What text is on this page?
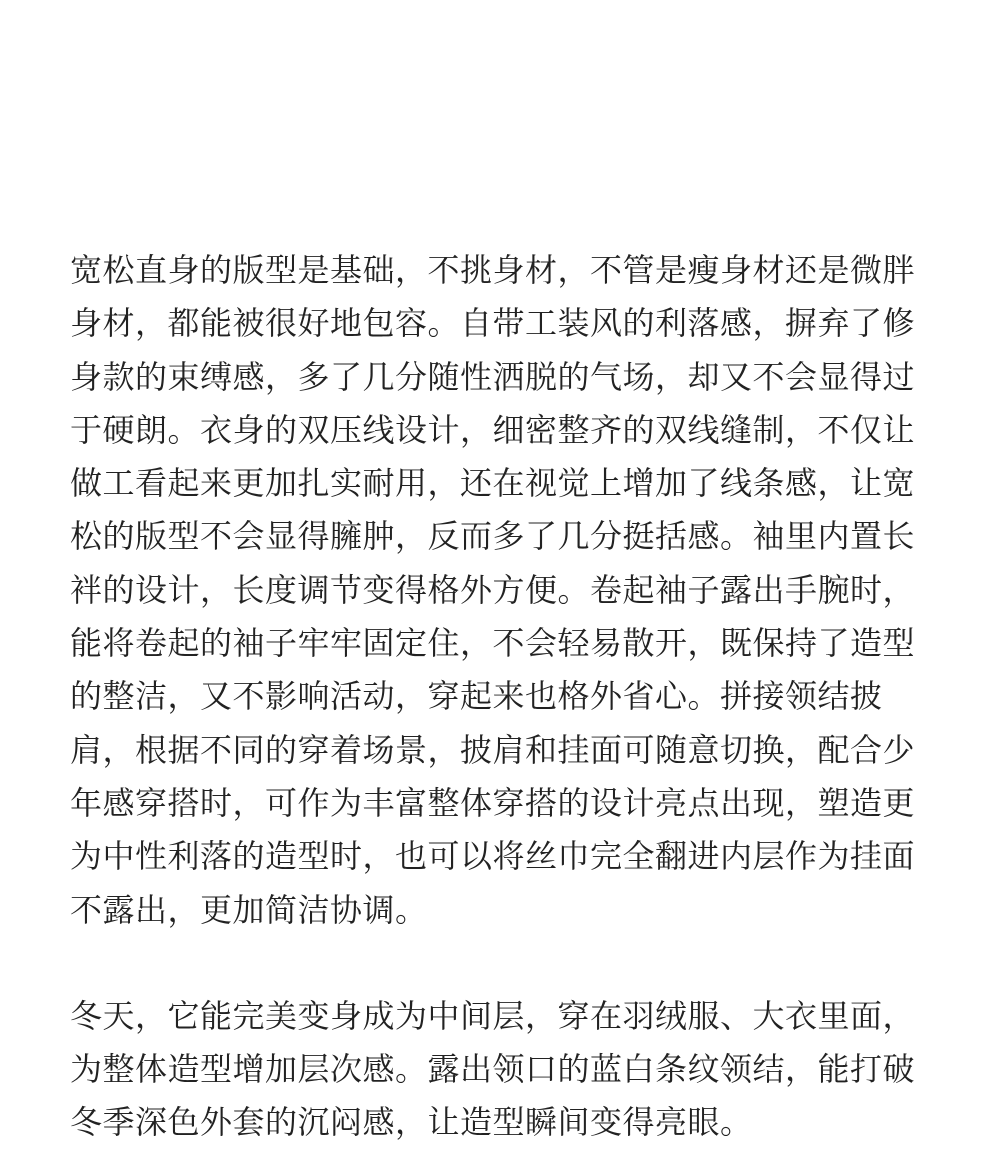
宽松直身的版型是基础，不挑身材，不管是瘦身材还是微胖身材，都能被很好地包容。自带工装风的利落感，摒弃了修身款的束缚感，多了几分随性洒脱的气场，却又不会显得过于硬朗。衣身的双压线设计，细密整齐的双线缝制，不仅让做工看起来更加扎实耐用，还在视觉上增加了线条感，让宽松的版型不会显得臃肿，反而多了几分挺括感。袖里内置长袢的设计，长度调节变得格外方便。卷起袖子露出手腕时，能将卷起的袖子牢牢固定住，不会轻易散开，既保持了造型的整洁，又不影响活动，穿起来也格外省心。拼接领结披肩，根据不同的穿着场景，披肩和挂面可随意切换，配合少年感穿搭时，可作为丰富整体穿搭的设计亮点出现，塑造更为中性利落的造型时，也可以将丝巾完全翻进内层作为挂面不露出，更加简洁协调。

冬天，它能完美变身成为中间层，穿在羽绒服、大衣里面，为整体造型增加层次感。露出领口的蓝白条纹领结，能打破冬季深色外套的沉闷感，让造型瞬间变得亮眼。
